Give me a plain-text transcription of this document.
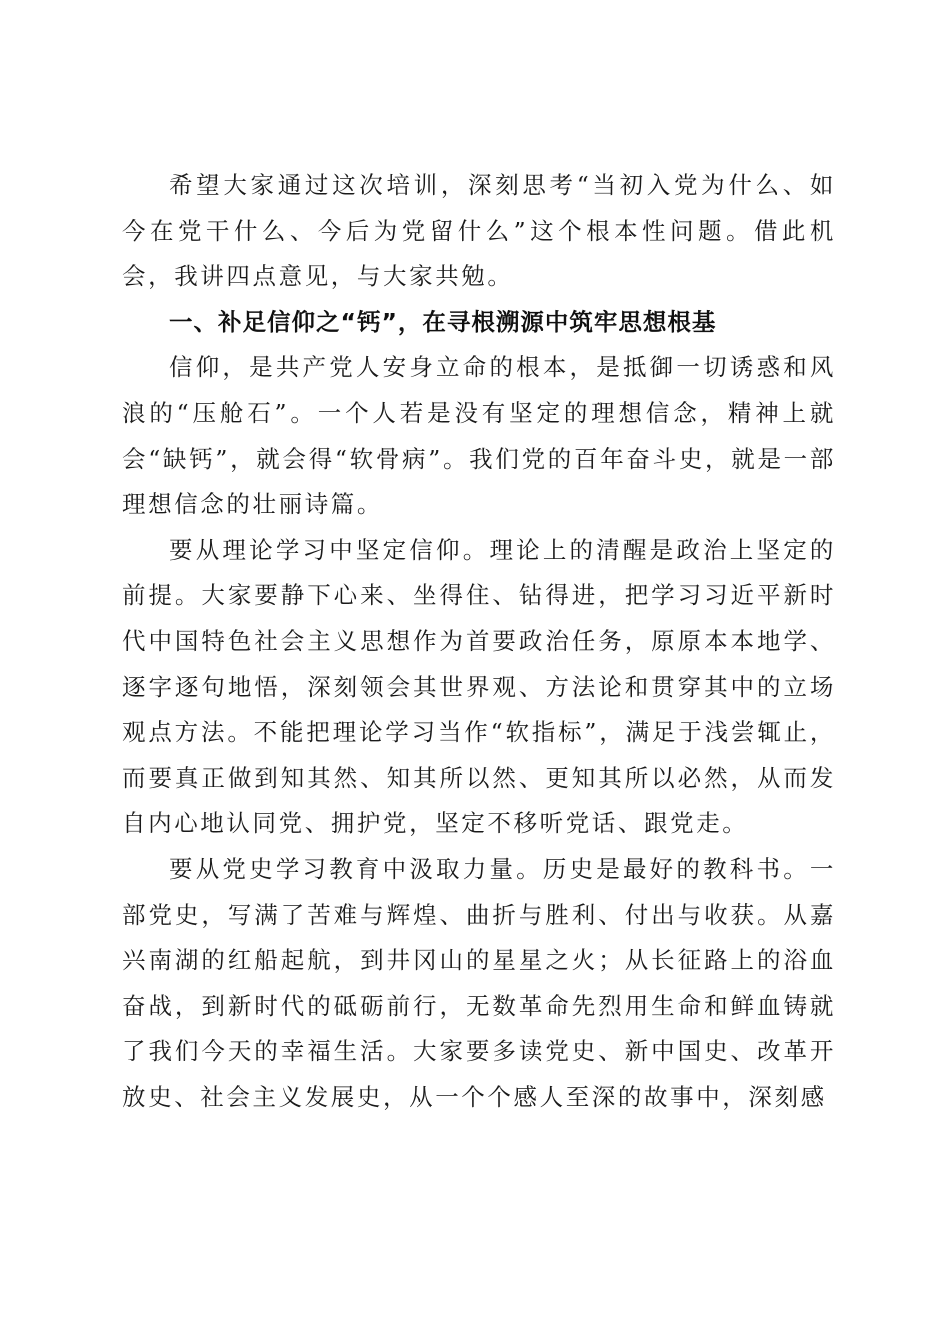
希望大家通过这次培训，深刻思考“当初入党为什么、如今在党干什么、今后为党留什么”这个根本性问题。借此机会，我讲四点意见，与大家共勉。

一、补足信仰之“钙”，在寻根溯源中筑牢思想根基

信仰，是共产党人安身立命的根本，是抵御一切诱惑和风浪的“压舱石”。一个人若是没有坚定的理想信念，精神上就会“缺钙”，就会得“软骨病”。我们党的百年奋斗史，就是一部理想信念的壮丽诗篇。

要从理论学习中坚定信仰。理论上的清醒是政治上坚定的前提。大家要静下心来、坐得住、钻得进，把学习习近平新时代中国特色社会主义思想作为首要政治任务，原原本本地学、逐字逐句地悟，深刻领会其世界观、方法论和贯穿其中的立场观点方法。不能把理论学习当作“软指标”，满足于浅尝辄止，而要真正做到知其然、知其所以然、更知其所以必然，从而发自内心地认同党、拥护党，坚定不移听党话、跟党走。

要从党史学习教育中汲取力量。历史是最好的教科书。一部党史，写满了苦难与辉煌、曲折与胜利、付出与收获。从嘉兴南湖的红船起航，到井冈山的星星之火；从长征路上的浴血奋战，到新时代的砥砺前行，无数革命先烈用生命和鲜血铸就了我们今天的幸福生活。大家要多读党史、新中国史、改革开放史、社会主义发展史，从一个个感人至深的故事中，深刻感
